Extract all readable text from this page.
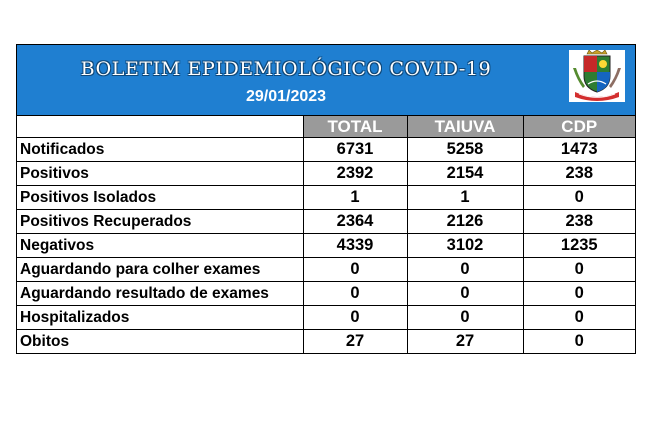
BOLETIM EPIDEMIOLÓGICO COVID-19
29/01/2023
	TOTAL	TAIUVA	CDP
Notificados	6731	5258	1473
Positivos	2392	2154	238
Positivos Isolados	1	1	0
Positivos Recuperados	2364	2126	238
Negativos	4339	3102	1235
Aguardando para colher exames	0	0	0
Aguardando resultado de exames	0	0	0
Hospitalizados	0	0	0
Obitos	27	27	0
